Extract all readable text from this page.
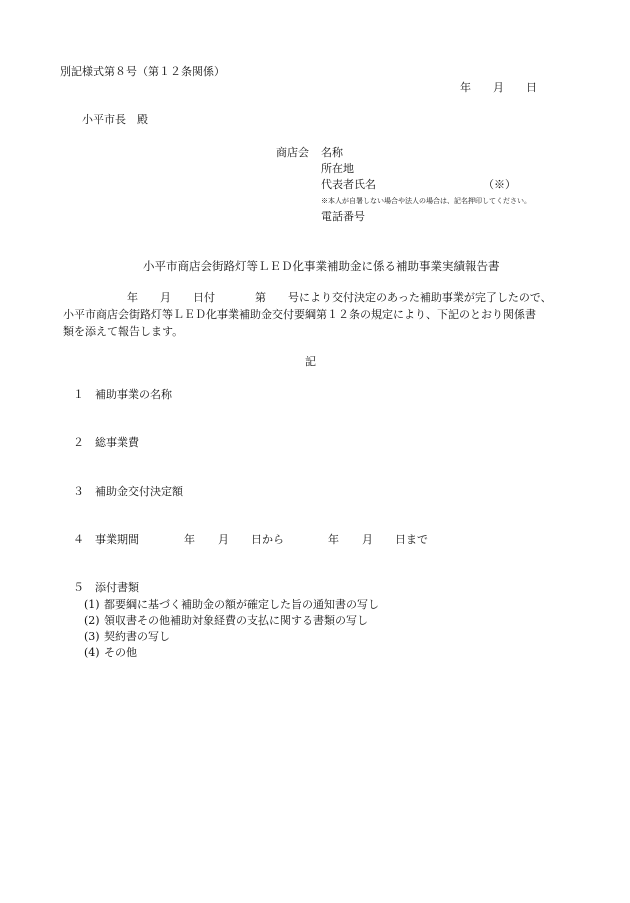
別記様式第８号（第１２条関係）
年 月 日
小平市長　殿
商店会 名称
所在地
代表者氏名	（※）
※本人が自署しない場合や法人の場合は、記名押印してください。
電話番号
小平市商店会街路灯等ＬＥＤ化事業補助金に係る補助事業実績報告書
年 月 日付	第 号により交付決定のあった補助事業が完了したので、
小平市商店会街路灯等ＬＥＤ化事業補助金交付要綱第１２条の規定により、下記のとおり関係書
類を添えて報告します。
記
１ 補助事業の名称
２ 総事業費
３ 補助金交付決定額
４ 事業期間	年 月 日から	年 月 日まで
５ 添付書類
(1) 都要綱に基づく補助金の額が確定した旨の通知書の写し
(2) 領収書その他補助対象経費の支払に関する書類の写し
(3) 契約書の写し
(4) その他
